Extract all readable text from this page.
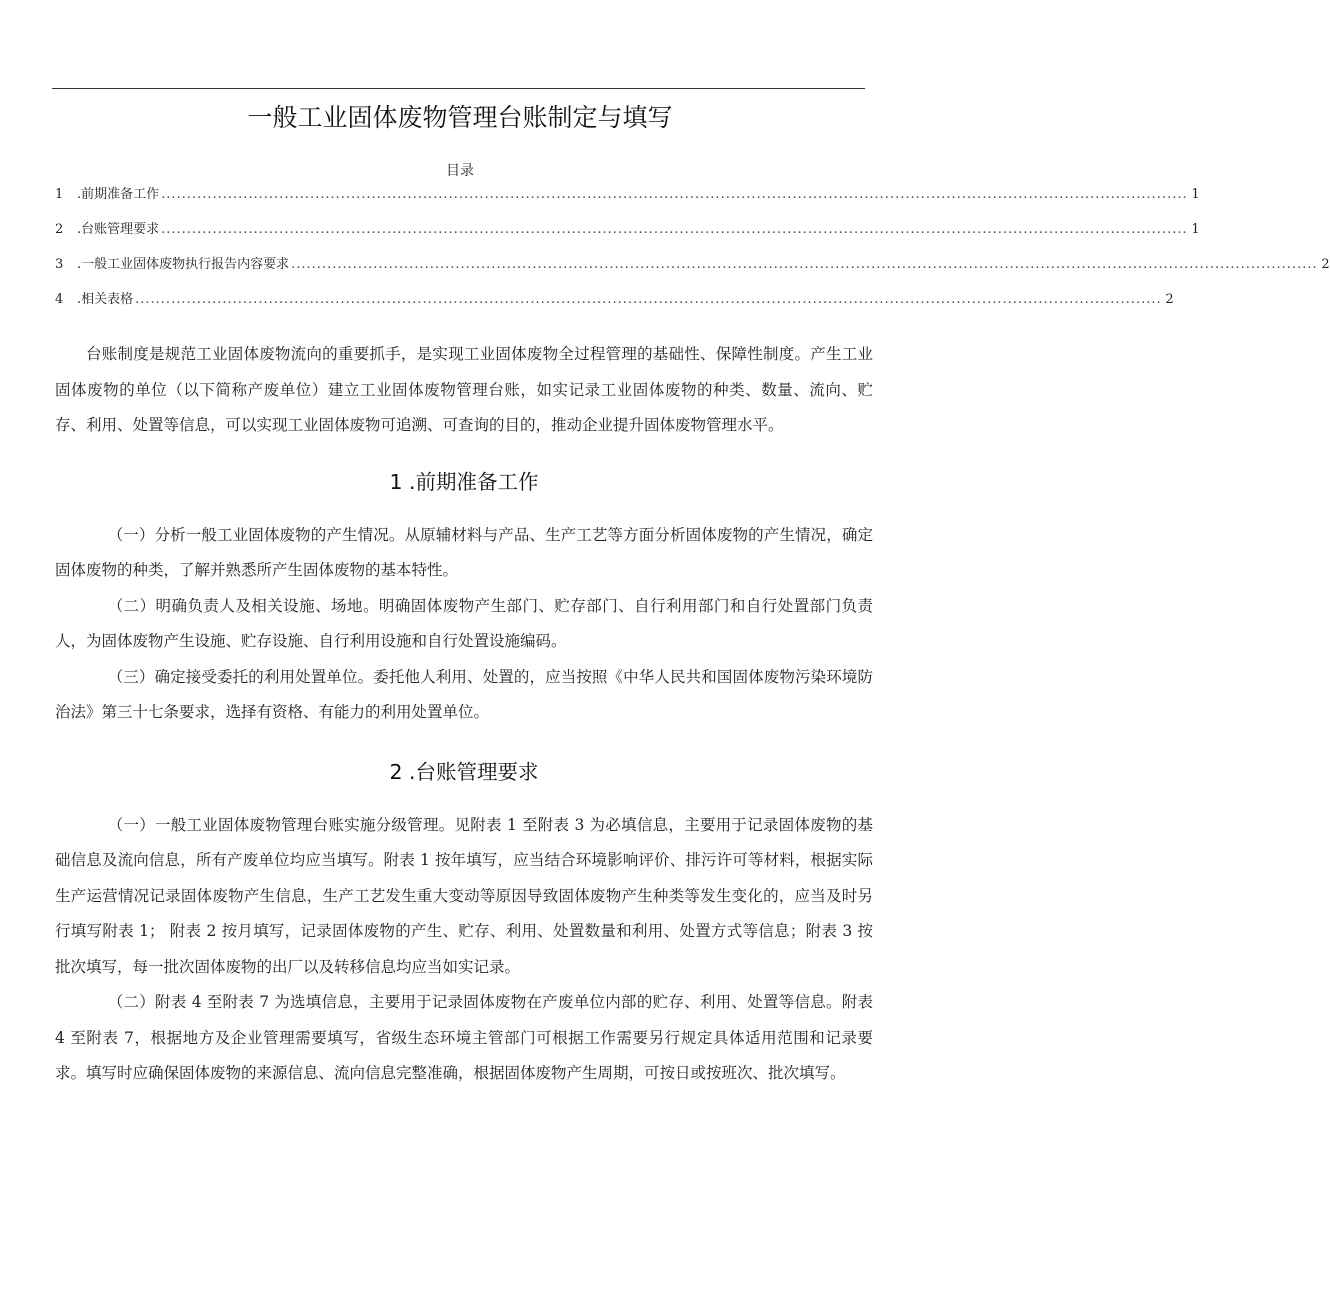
一般工业固体废物管理台账制定与填写
目录
1	.前期准备工作 ........................................................................................................................................................................................................ 1
2	.台账管理要求 ........................................................................................................................................................................................................ 1
3	.一般工业固体废物执行报告内容要求 ........................................................................................................................................................................................................ 2
4	.相关表格 ........................................................................................................................................................................................................ 2

台账制度是规范工业固体废物流向的重要抓手，是实现工业固体废物全过程管理的基础性、保障性制度。产生工业固体废物的单位（以下简称产废单位）建立工业固体废物管理台账，如实记录工业固体废物的种类、数量、流向、贮存、利用、处置等信息，可以实现工业固体废物可追溯、可查询的目的，推动企业提升固体废物管理水平。

1 .前期准备工作

（一）分析一般工业固体废物的产生情况。从原辅材料与产品、生产工艺等方面分析固体废物的产生情况，确定固体废物的种类，了解并熟悉所产生固体废物的基本特性。

（二）明确负责人及相关设施、场地。明确固体废物产生部门、贮存部门、自行利用部门和自行处置部门负责人，为固体废物产生设施、贮存设施、自行利用设施和自行处置设施编码。

（三）确定接受委托的利用处置单位。委托他人利用、处置的，应当按照《中华人民共和国固体废物污染环境防治法》第三十七条要求，选择有资格、有能力的利用处置单位。

2 .台账管理要求

（一）一般工业固体废物管理台账实施分级管理。见附表 1 至附表 3 为必填信息，主要用于记录固体废物的基础信息及流向信息，所有产废单位均应当填写。附表 1 按年填写，应当结合环境影响评价、排污许可等材料，根据实际生产运营情况记录固体废物产生信息，生产工艺发生重大变动等原因导致固体废物产生种类等发生变化的，应当及时另行填写附表 1； 附表 2 按月填写，记录固体废物的产生、贮存、利用、处置数量和利用、处置方式等信息；附表 3 按批次填写，每一批次固体废物的出厂以及转移信息均应当如实记录。

（二）附表 4 至附表 7 为选填信息，主要用于记录固体废物在产废单位内部的贮存、利用、处置等信息。附表 4 至附表 7，根据地方及企业管理需要填写，省级生态环境主管部门可根据工作需要另行规定具体适用范围和记录要求。填写时应确保固体废物的来源信息、流向信息完整准确，根据固体废物产生周期，可按日或按班次、批次填写。
